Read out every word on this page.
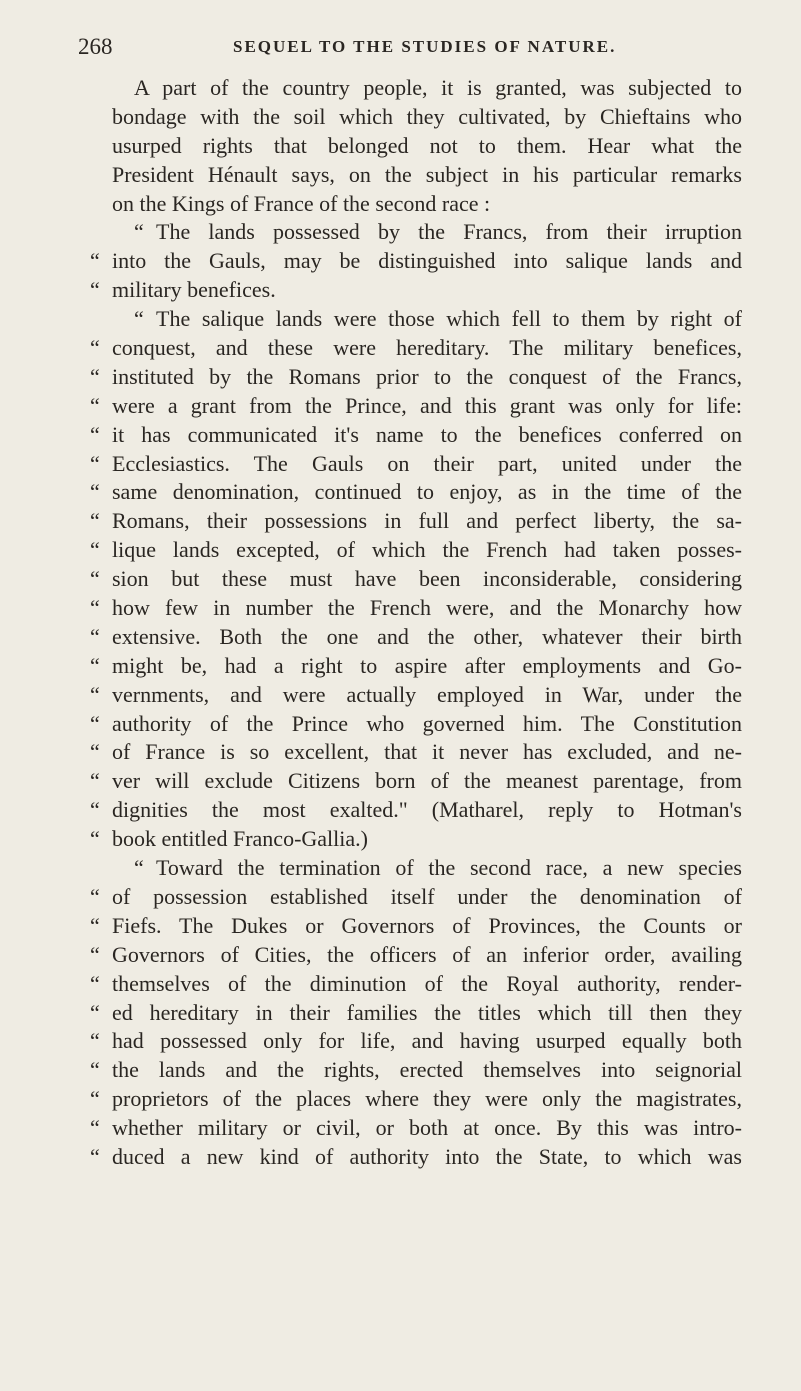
268	SEQUEL TO THE STUDIES OF NATURE.
A part of the country people, it is granted, was subjected to
bondage with the soil which they cultivated, by Chieftains who
usurped rights that belonged not to them. Hear what the
President Hénault says, on the subject in his particular remarks
on the Kings of France of the second race :
“ The lands possessed by the Francs, from their irruption
“ into the Gauls, may be distinguished into salique lands and
“ military benefices.
“ The salique lands were those which fell to them by right of
“ conquest, and these were hereditary. The military benefices,
“ instituted by the Romans prior to the conquest of the Francs,
“ were a grant from the Prince, and this grant was only for life:
“ it has communicated it's name to the benefices conferred on
“ Ecclesiastics. The Gauls on their part, united under the
“ same denomination, continued to enjoy, as in the time of the
“ Romans, their possessions in full and perfect liberty, the sa-
“ lique lands excepted, of which the French had taken posses-
“ sion but these must have been inconsiderable, considering
“ how few in number the French were, and the Monarchy how
“ extensive. Both the one and the other, whatever their birth
“ might be, had a right to aspire after employments and Go-
“ vernments, and were actually employed in War, under the
“ authority of the Prince who governed him. The Constitution
“ of France is so excellent, that it never has excluded, and ne-
“ ver will exclude Citizens born of the meanest parentage, from
“ dignities the most exalted." (Matharel, reply to Hotman's
“ book entitled Franco-Gallia.)
“ Toward the termination of the second race, a new species
“ of possession established itself under the denomination of
“ Fiefs. The Dukes or Governors of Provinces, the Counts or
“ Governors of Cities, the officers of an inferior order, availing
“ themselves of the diminution of the Royal authority, render-
“ ed hereditary in their families the titles which till then they
“ had possessed only for life, and having usurped equally both
“ the lands and the rights, erected themselves into seignorial
“ proprietors of the places where they were only the magistrates,
“ whether military or civil, or both at once. By this was intro-
“ duced a new kind of authority into the State, to which was
